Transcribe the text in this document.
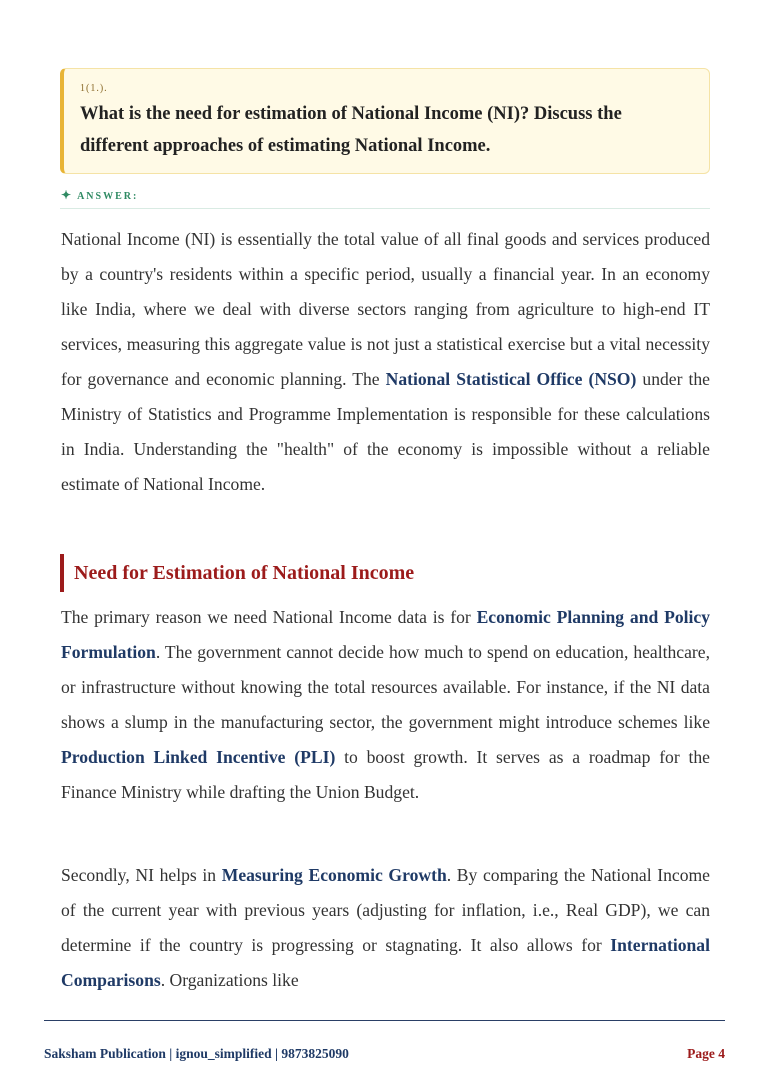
1(1.).
What is the need for estimation of National Income (NI)? Discuss the different approaches of estimating National Income.
✦ ANSWER:

National Income (NI) is essentially the total value of all final goods and services produced by a country's residents within a specific period, usually a financial year. In an economy like India, where we deal with diverse sectors ranging from agriculture to high-end IT services, measuring this aggregate value is not just a statistical exercise but a vital necessity for governance and economic planning. The National Statistical Office (NSO) under the Ministry of Statistics and Programme Implementation is responsible for these calculations in India. Understanding the "health" of the economy is impossible without a reliable estimate of National Income.

Need for Estimation of National Income

The primary reason we need National Income data is for Economic Planning and Policy Formulation. The government cannot decide how much to spend on education, healthcare, or infrastructure without knowing the total resources available. For instance, if the NI data shows a slump in the manufacturing sector, the government might introduce schemes like Production Linked Incentive (PLI) to boost growth. It serves as a roadmap for the Finance Ministry while drafting the Union Budget.

Secondly, NI helps in Measuring Economic Growth. By comparing the National Income of the current year with previous years (adjusting for inflation, i.e., Real GDP), we can determine if the country is progressing or stagnating. It also allows for International Comparisons. Organizations like

Saksham Publication | ignou_simplified | 9873825090	Page 4
